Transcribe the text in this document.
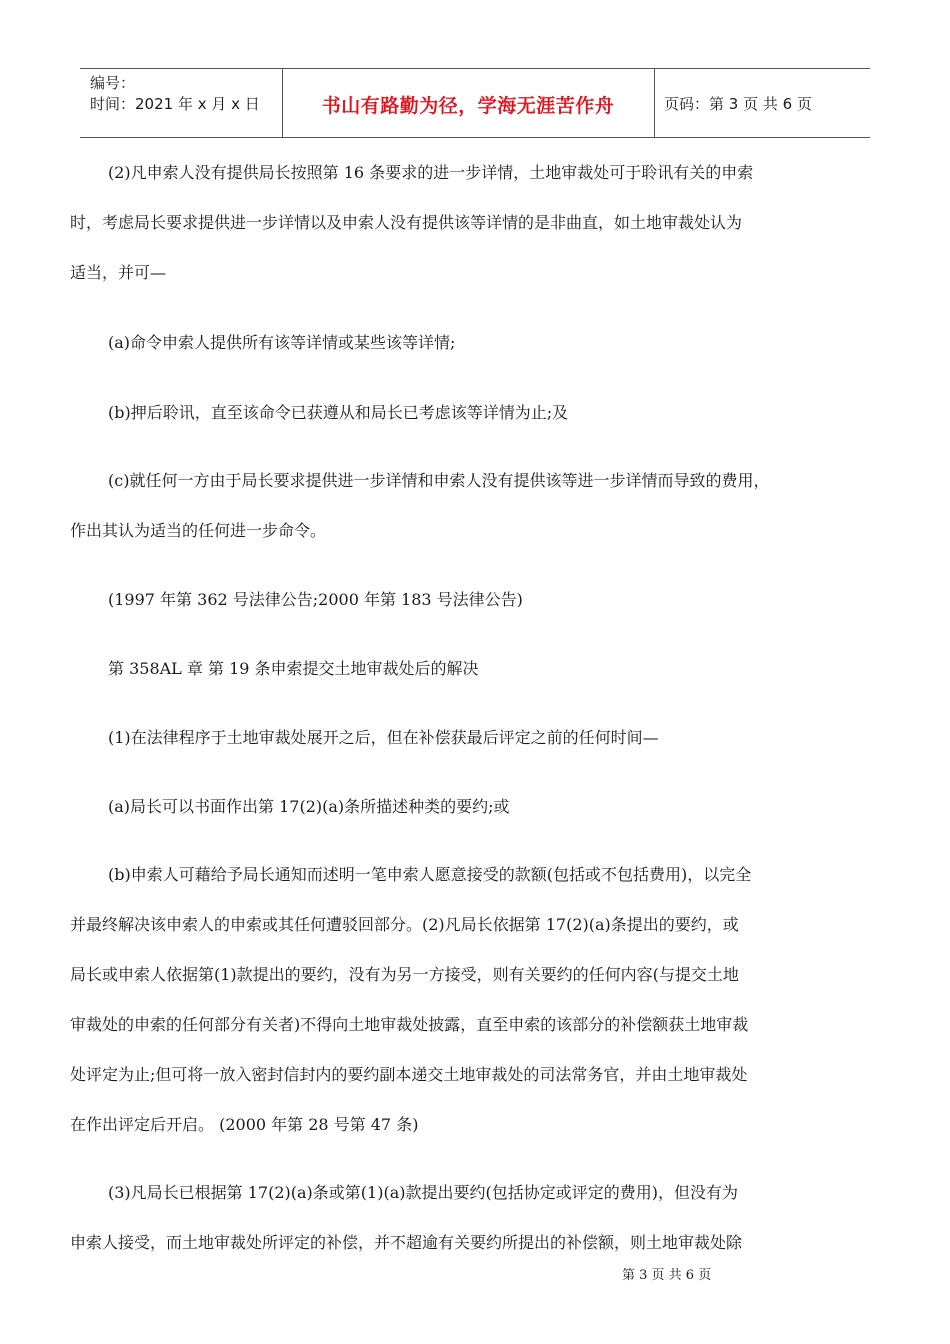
编号：
时间：2021 年 x 月 x 日	书山有路勤为径，学海无涯苦作舟	页码：第 3 页 共 6 页
(2)凡申索人没有提供局长按照第 16 条要求的进一步详情，土地审裁处可于聆讯有关的申索
时，考虑局长要求提供进一步详情以及申索人没有提供该等详情的是非曲直，如土地审裁处认为
适当，并可—
(a)命令申索人提供所有该等详情或某些该等详情;
(b)押后聆讯，直至该命令已获遵从和局长已考虑该等详情为止;及
(c)就任何一方由于局长要求提供进一步详情和申索人没有提供该等进一步详情而导致的费用，
作出其认为适当的任何进一步命令。
(1997 年第 362 号法律公告;2000 年第 183 号法律公告)
第 358AL 章 第 19 条申索提交土地审裁处后的解决
(1)在法律程序于土地审裁处展开之后，但在补偿获最后评定之前的任何时间—
(a)局长可以书面作出第 17(2)(a)条所描述种类的要约;或
(b)申索人可藉给予局长通知而述明一笔申索人愿意接受的款额(包括或不包括费用)，以完全
并最终解决该申索人的申索或其任何遭驳回部分。(2)凡局长依据第 17(2)(a)条提出的要约，或
局长或申索人依据第(1)款提出的要约，没有为另一方接受，则有关要约的任何内容(与提交土地
审裁处的申索的任何部分有关者)不得向土地审裁处披露，直至申索的该部分的补偿额获土地审裁
处评定为止;但可将一放入密封信封内的要约副本递交土地审裁处的司法常务官，并由土地审裁处
在作出评定后开启。 (2000 年第 28 号第 47 条)
(3)凡局长已根据第 17(2)(a)条或第(1)(a)款提出要约(包括协定或评定的费用)，但没有为
申索人接受，而土地审裁处所评定的补偿，并不超逾有关要约所提出的补偿额，则土地审裁处除
第 3 页 共 6 页
